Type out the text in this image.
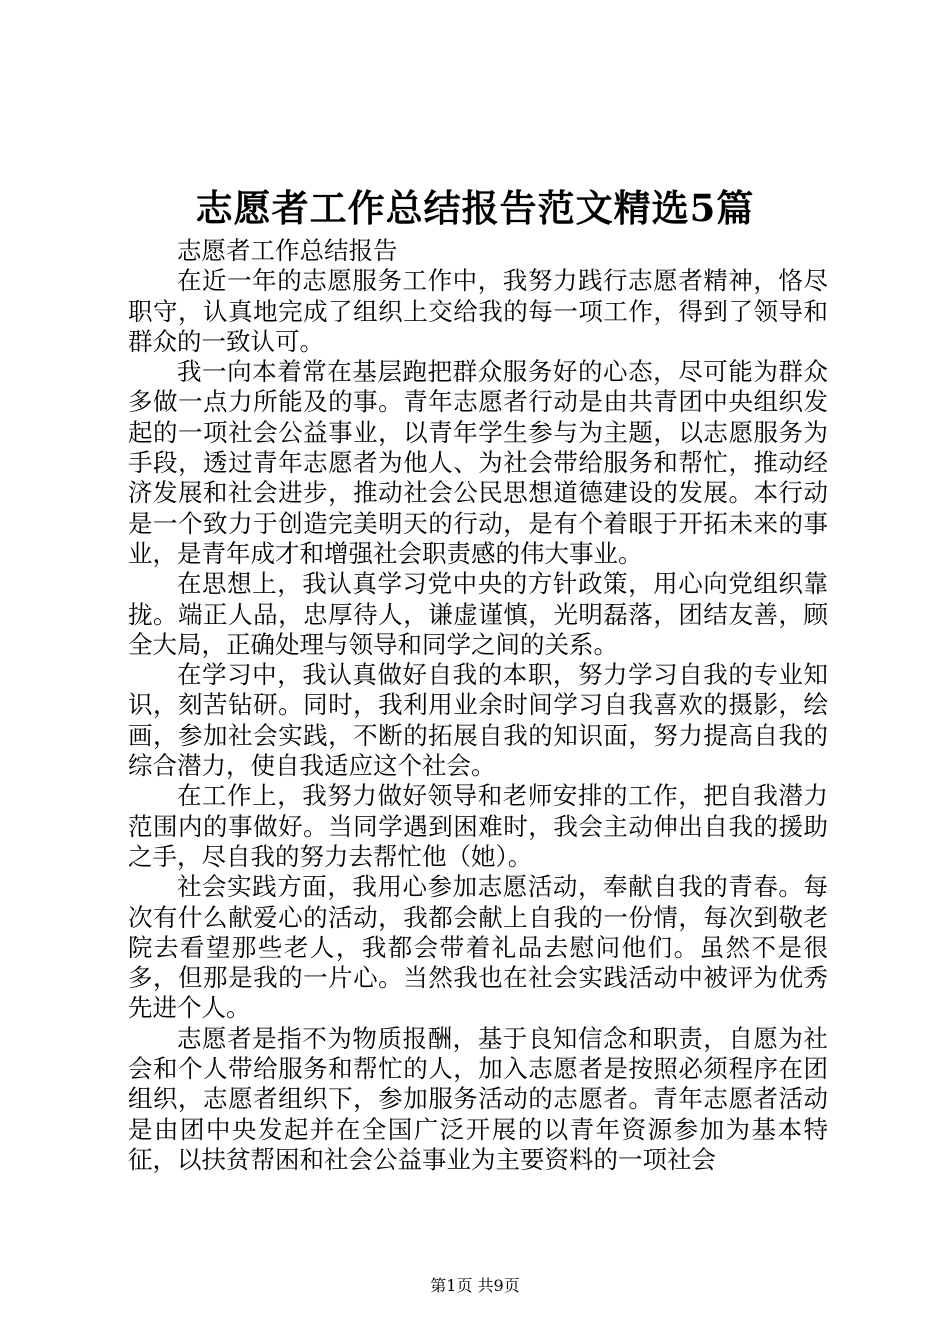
志愿者工作总结报告范文精选5篇

志愿者工作总结报告

在近一年的志愿服务工作中，我努力践行志愿者精神，恪尽职守，认真地完成了组织上交给我的每一项工作，得到了领导和群众的一致认可。

我一向本着常在基层跑把群众服务好的心态，尽可能为群众多做一点力所能及的事。青年志愿者行动是由共青团中央组织发起的一项社会公益事业，以青年学生参与为主题，以志愿服务为手段，透过青年志愿者为他人、为社会带给服务和帮忙，推动经济发展和社会进步，推动社会公民思想道德建设的发展。本行动是一个致力于创造完美明天的行动，是有个着眼于开拓未来的事业，是青年成才和增强社会职责感的伟大事业。

在思想上，我认真学习党中央的方针政策，用心向党组织靠拢。端正人品，忠厚待人，谦虚谨慎，光明磊落，团结友善，顾全大局，正确处理与领导和同学之间的关系。

在学习中，我认真做好自我的本职，努力学习自我的专业知识，刻苦钻研。同时，我利用业余时间学习自我喜欢的摄影，绘画，参加社会实践，不断的拓展自我的知识面，努力提高自我的综合潜力，使自我适应这个社会。

在工作上，我努力做好领导和老师安排的工作，把自我潜力范围内的事做好。当同学遇到困难时，我会主动伸出自我的援助之手，尽自我的努力去帮忙他（她）。

社会实践方面，我用心参加志愿活动，奉献自我的青春。每次有什么献爱心的活动，我都会献上自我的一份情，每次到敬老院去看望那些老人，我都会带着礼品去慰问他们。虽然不是很多，但那是我的一片心。当然我也在社会实践活动中被评为优秀先进个人。

志愿者是指不为物质报酬，基于良知信念和职责，自愿为社会和个人带给服务和帮忙的人，加入志愿者是按照必须程序在团组织，志愿者组织下，参加服务活动的志愿者。青年志愿者活动是由团中央发起并在全国广泛开展的以青年资源参加为基本特征，以扶贫帮困和社会公益事业为主要资料的一项社会

第1页 共9页
